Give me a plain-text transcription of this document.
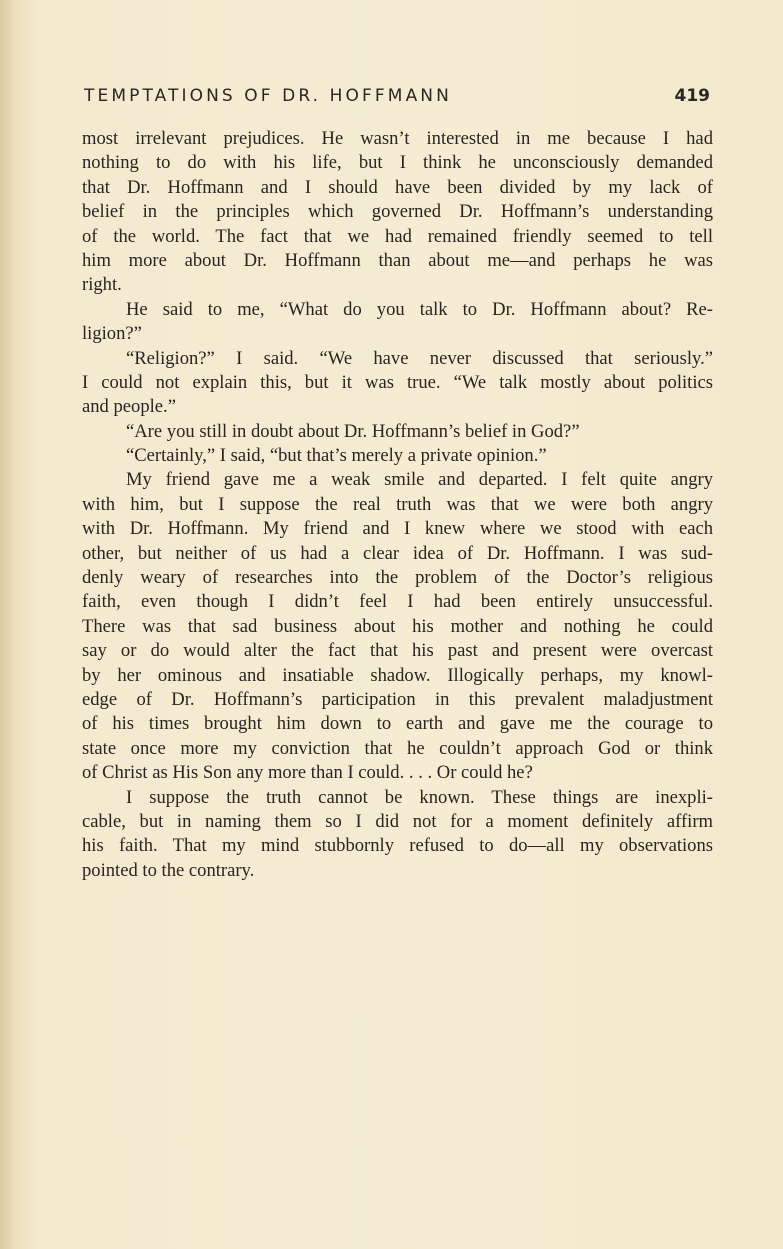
TEMPTATIONS OF DR. HOFFMANN	419
most irrelevant prejudices. He wasn’t interested in me because I had
nothing to do with his life, but I think he unconsciously demanded
that Dr. Hoffmann and I should have been divided by my lack of
belief in the principles which governed Dr. Hoffmann’s understanding
of the world. The fact that we had remained friendly seemed to tell
him more about Dr. Hoffmann than about me—and perhaps he was
right.
He said to me, “What do you talk to Dr. Hoffmann about? Re-
ligion?”
“Religion?” I said. “We have never discussed that seriously.”
I could not explain this, but it was true. “We talk mostly about politics
and people.”
“Are you still in doubt about Dr. Hoffmann’s belief in God?”
“Certainly,” I said, “but that’s merely a private opinion.”
My friend gave me a weak smile and departed. I felt quite angry
with him, but I suppose the real truth was that we were both angry
with Dr. Hoffmann. My friend and I knew where we stood with each
other, but neither of us had a clear idea of Dr. Hoffmann. I was sud-
denly weary of researches into the problem of the Doctor’s religious
faith, even though I didn’t feel I had been entirely unsuccessful.
There was that sad business about his mother and nothing he could
say or do would alter the fact that his past and present were overcast
by her ominous and insatiable shadow. Illogically perhaps, my knowl-
edge of Dr. Hoffmann’s participation in this prevalent maladjustment
of his times brought him down to earth and gave me the courage to
state once more my conviction that he couldn’t approach God or think
of Christ as His Son any more than I could. . . . Or could he?
I suppose the truth cannot be known. These things are inexpli-
cable, but in naming them so I did not for a moment definitely affirm
his faith. That my mind stubbornly refused to do—all my observations
pointed to the contrary.
